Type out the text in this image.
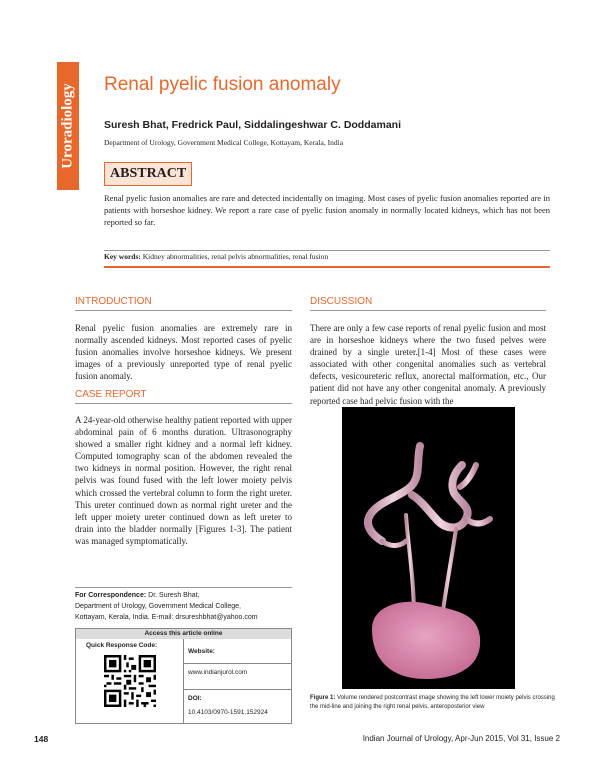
Uroradiology Renal pyelic fusion anomaly
Suresh Bhat, Fredrick Paul, Siddalingeshwar C. Doddamani
Department of Urology, Government Medical College, Kottayam, Kerala, India
ABSTRACT
Renal pyelic fusion anomalies are rare and detected incidentally on imaging. Most cases of pyelic fusion anomalies reported are in patients with horseshoe kidney. We report a rare case of pyelic fusion anomaly in normally located kidneys, which has not been reported so far.
Key words: Kidney abnormalities, renal pelvis abnormalities, renal fusion
INTRODUCTION
Renal pyelic fusion anomalies are extremely rare in normally ascended kidneys. Most reported cases of pyelic fusion anomalies involve horseshoe kidneys. We present images of a previously unreported type of renal pyelic fusion anomaly.
CASE REPORT
A 24-year-old otherwise healthy patient reported with upper abdominal pain of 6 months duration. Ultrasonography showed a smaller right kidney and a normal left kidney. Computed tomography scan of the abdomen revealed the two kidneys in normal position. However, the right renal pelvis was found fused with the left lower moiety pelvis which crossed the vertebral column to form the right ureter. This ureter continued down as normal right ureter and the left upper moiety ureter continued down as left ureter to drain into the bladder normally [Figures 1-3]. The patient was managed symptomatically.
For Correspondence: Dr. Suresh Bhat,
Department of Urology, Government Medical College,
Kottayam, Kerala, India. E-mail: drsureshbhat@yahoo.com
Access this article online
Quick Response Code:
Website:
www.indianjurol.com
DOI:
10.4103/0970-1591.152924
DISCUSSION
There are only a few case reports of renal pyelic fusion and most are in horseshoe kidneys where the two fused pelves were drained by a single ureter.[1-4] Most of these cases were associated with other congenital anomalies such as vertebral defects, vesicoureteric reflux, anorectal malformation, etc., Our patient did not have any other congenital anomaly. A previously reported case had pelvic fusion with the
Figure 1: Volume rendered postcontrast image showing the left lower moiety pelvis crossing the mid-line and joining the right renal pelvis, anteroposterior view
148	Indian Journal of Urology, Apr-Jun 2015, Vol 31, Issue 2
